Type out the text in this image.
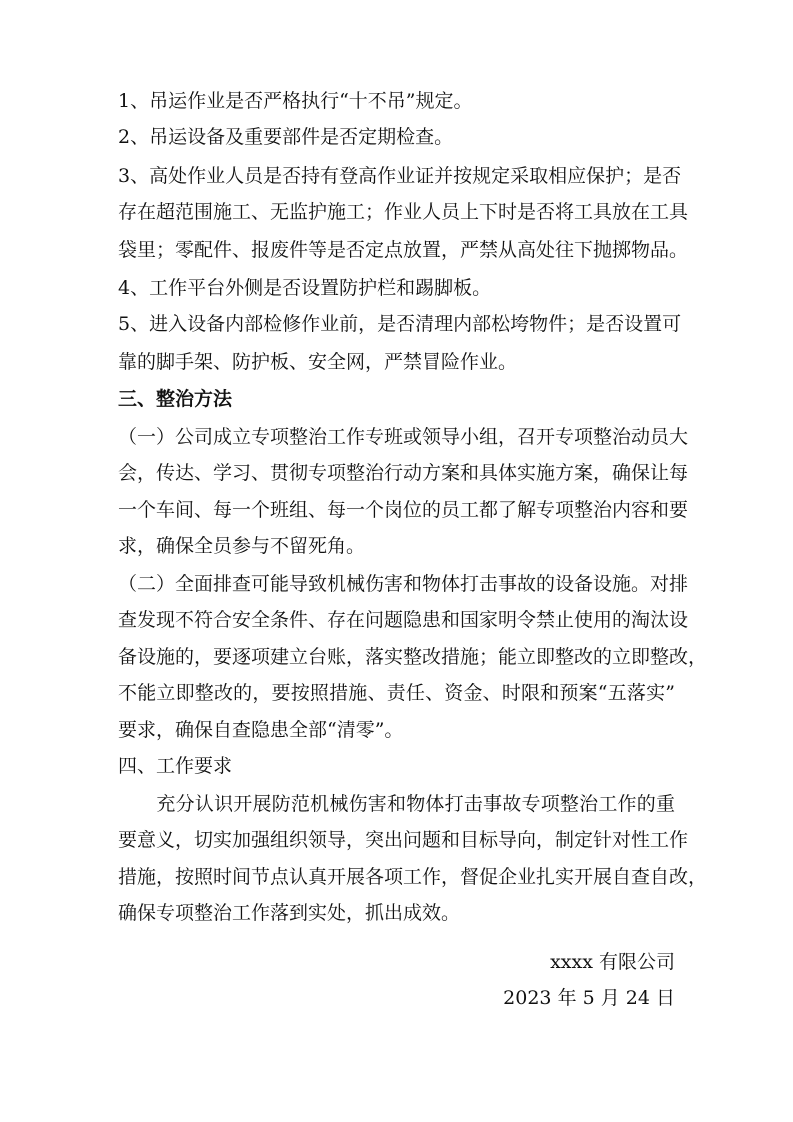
1、吊运作业是否严格执行“十不吊”规定。
2、吊运设备及重要部件是否定期检查。
3、高处作业人员是否持有登高作业证并按规定采取相应保护；是否
存在超范围施工、无监护施工；作业人员上下时是否将工具放在工具
袋里；零配件、报废件等是否定点放置，严禁从高处往下抛掷物品。
4、工作平台外侧是否设置防护栏和踢脚板。
5、进入设备内部检修作业前，是否清理内部松垮物件；是否设置可
靠的脚手架、防护板、安全网，严禁冒险作业。
三、整治方法
（一）公司成立专项整治工作专班或领导小组，召开专项整治动员大
会，传达、学习、贯彻专项整治行动方案和具体实施方案，确保让每
一个车间、每一个班组、每一个岗位的员工都了解专项整治内容和要
求，确保全员参与不留死角。
（二）全面排查可能导致机械伤害和物体打击事故的设备设施。对排
查发现不符合安全条件、存在问题隐患和国家明令禁止使用的淘汰设
备设施的，要逐项建立台账，落实整改措施；能立即整改的立即整改，
不能立即整改的，要按照措施、责任、资金、时限和预案“五落实”
要求，确保自查隐患全部“清零”。
四、工作要求
　　充分认识开展防范机械伤害和物体打击事故专项整治工作的重
要意义，切实加强组织领导，突出问题和目标导向，制定针对性工作
措施，按照时间节点认真开展各项工作，督促企业扎实开展自查自改，
确保专项整治工作落到实处，抓出成效。
xxxx 有限公司
2023 年 5 月 24 日
